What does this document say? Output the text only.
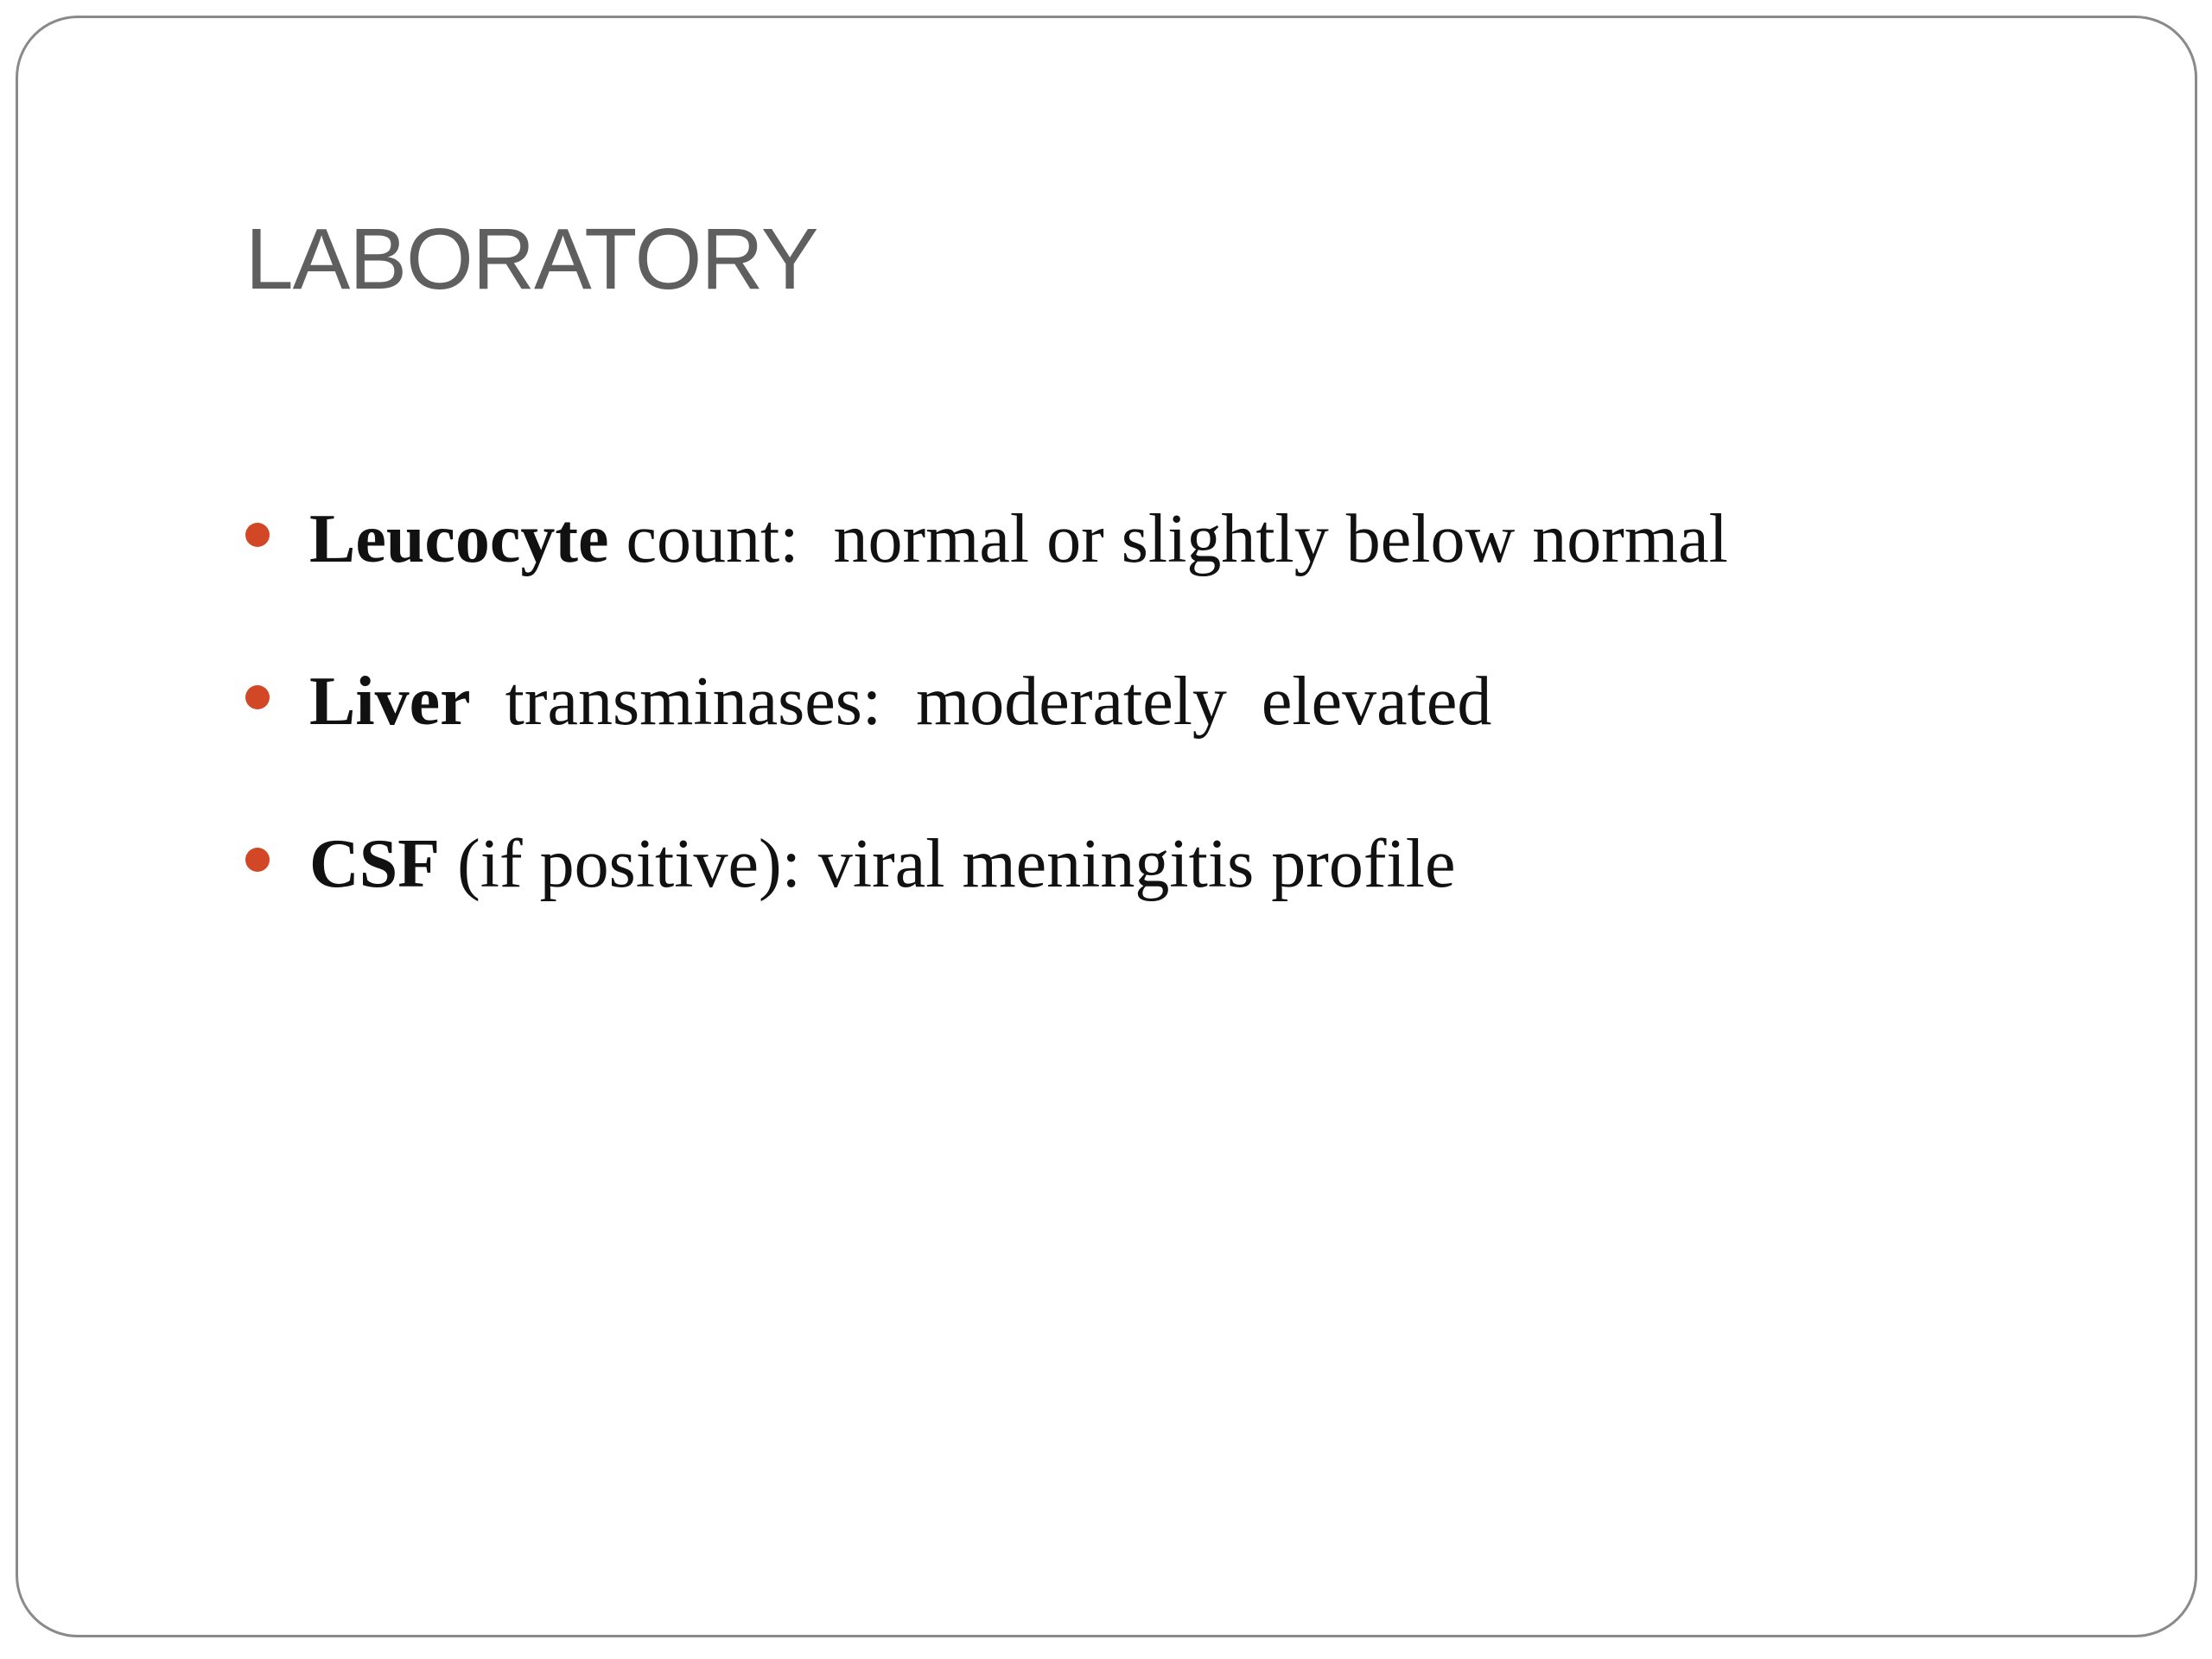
LABORATORY
Leucocyte count:  normal or slightly below normal
Liver transminases:  moderately  elevated
CSF (if positive): viral meningitis profile
